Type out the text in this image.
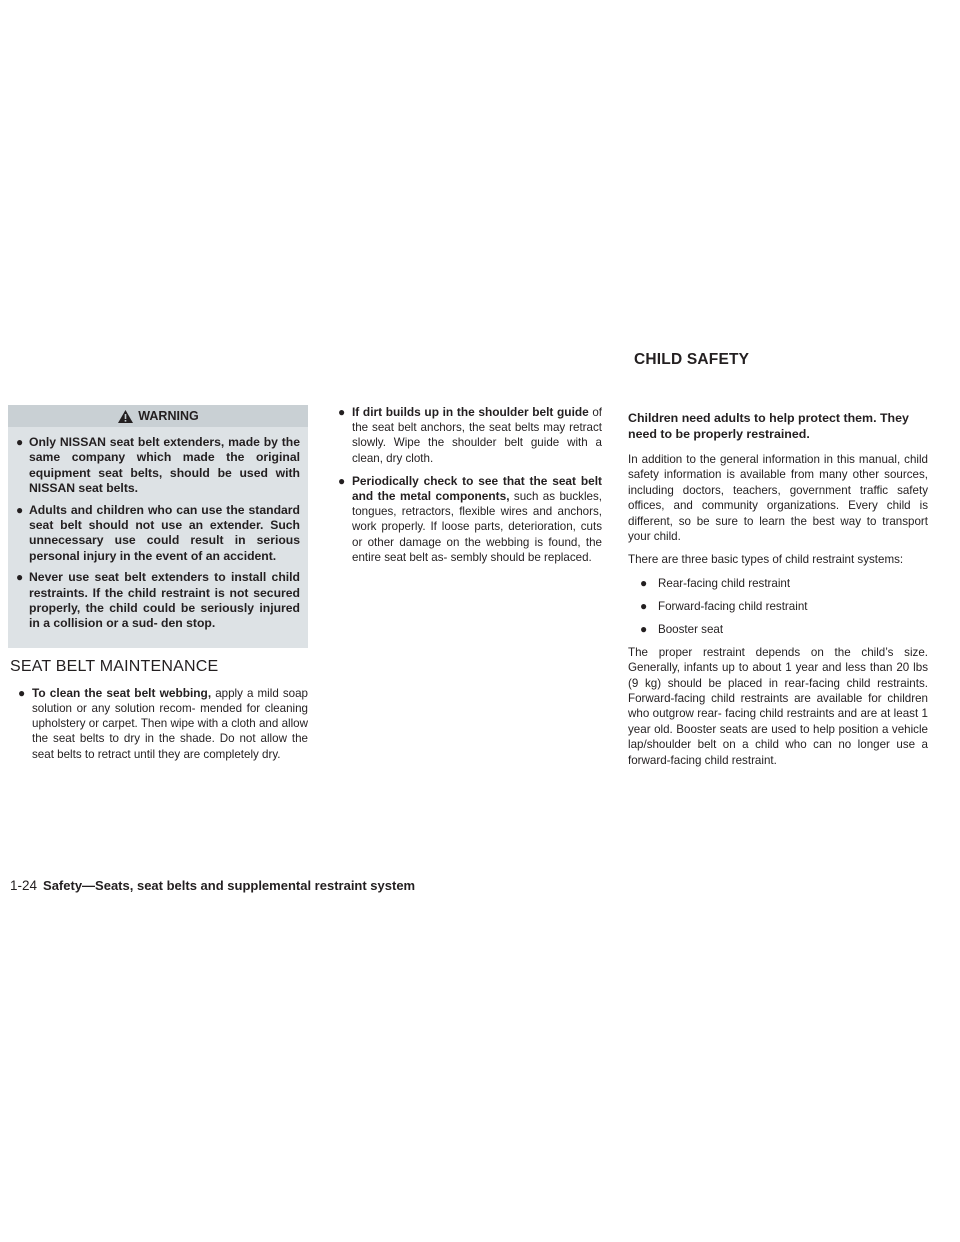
CHILD SAFETY
WARNING
● Only NISSAN seat belt extenders, made by the same company which made the original equipment seat belts, should be used with NISSAN seat belts.
● Adults and children who can use the standard seat belt should not use an extender. Such unnecessary use could result in serious personal injury in the event of an accident.
● Never use seat belt extenders to install child restraints. If the child restraint is not secured properly, the child could be seriously injured in a collision or a sud- den stop.
SEAT BELT MAINTENANCE
● To clean the seat belt webbing, apply a mild soap solution or any solution recom- mended for cleaning upholstery or carpet. Then wipe with a cloth and allow the seat belts to dry in the shade. Do not allow the seat belts to retract until they are completely dry.
● If dirt builds up in the shoulder belt guide of the seat belt anchors, the seat belts may retract slowly. Wipe the shoulder belt guide with a clean, dry cloth.
● Periodically check to see that the seat belt and the metal components, such as buckles, tongues, retractors, flexible wires and anchors, work properly. If loose parts, deterioration, cuts or other damage on the webbing is found, the entire seat belt as- sembly should be replaced.
Children need adults to help protect them. They need to be properly restrained.
In addition to the general information in this manual, child safety information is available from many other sources, including doctors, teachers, government traffic safety offices, and community organizations. Every child is different, so be sure to learn the best way to transport your child.
There are three basic types of child restraint systems:
● Rear-facing child restraint
● Forward-facing child restraint
● Booster seat
The proper restraint depends on the child’s size. Generally, infants up to about 1 year and less than 20 lbs (9 kg) should be placed in rear-facing child restraints. Forward-facing child restraints are available for children who outgrow rear- facing child restraints and are at least 1 year old. Booster seats are used to help position a vehicle lap/shoulder belt on a child who can no longer use a forward-facing child restraint.
1-24 Safety—Seats, seat belts and supplemental restraint system
